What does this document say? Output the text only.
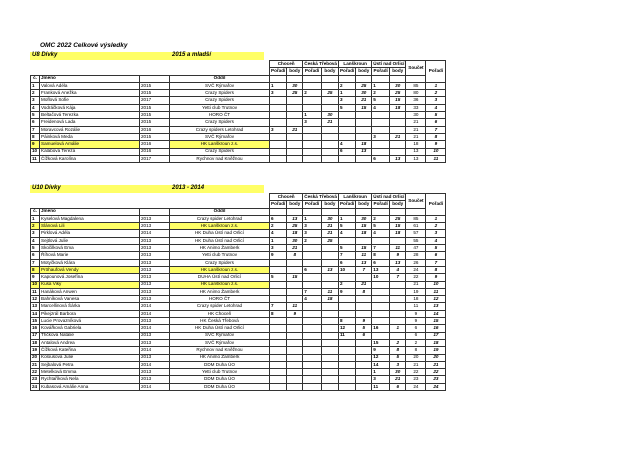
OMC 2022 Celkové výsledky
U8 Dívky	2015 a mladší
				Choceň		Česká Třebová		Lanškroun		Ústí nad Orlicí		Součet	Pořadí
				Pořadí	body	Pořadí	body	Pořadí	body	Pořadí	body		
č.	Jméno		Oddíl										
1	Valová Adéla	2015	SVČ Rýmařov	1	30			2	25	1	30	85	1
2	Franková Anežka	2015	Crazy Spiders	3	25	2	25	1	30	2	25	80	2
3	Moflová Sofie	2017	Crazy Spiders					3	21	5	15	36	3
4	Vodráčková Kája	2015	Yetti club Trutnov					5	15	4	18	33	4
5	Beltačová Terezka	2015	HORO ČT			1	30					30	5
6	Freidenová Lada	2015	Crazy Spiders			3	21					21	6
7	Moravcová Rozálie	2016	Crazy spiders Letohrad	3	21							21	7
8	Páinková Meda	2015	SVČ Rýmařov							3	21	21	8
9	Samuelová Amálie	2016	HK Lanškroun z.s.					4	18			18	9
10	Kalábová Tereza	2016	Crazy Spiders					6	13			13	10
11	Čížková Karolína	2017	Rychnov nad Kněžnou							6	13	13	11
U10 Dívky	2013 - 2014
				Choceň		Česká Třebová		Lanškroun		Ústí nad Orlicí		Součet	Pořadí
				Pořadí	body	Pořadí	body	Pořadí	body	Pořadí	body		
č.	Jméno		Oddíl										
1	Kyselová Magdalena	2013	Crazy spider Letohrad	6	13	1	30	1	30	2	25	85	1
2	Slánová Lili	2013	HK Lanškroun z.s.	2	25	3	21	5	15	5	15	61	2
3	Pirklová Adéla	2014	HK Duha Ústí nad Orlicí	4	18	3	21	4	18	4	18	57	3
4	Sejtlová Julie	2013	HK Duha Ústí nad Orlicí	1	30	2	25					55	4
5	Skočilková Ema	2013	HK Animo Žamberk	3	21			5	15	7	11	47	5
6	Říhová Marie	2013	Yetti club Trutnov	9	8			7	11	8	9	28	6
7	Motyčková Klára	2013	Crazy Spiders					6	13	6	13	26	7
8	Pröhaufová Vendy	2013	HK Lanškroun z.s.			6	13	10	7	13	4	24	8
9	Kapounová Josefína	2013	DUHA Ústí nad Orlicí	5	15					10	7	22	9
10	Kusá Viky	2013	HK Lanškroun z.s.					2	21			21	10
11	Hanáková Anwen	2013	HK Animo Žamberk			7	11	9	8			19	11
12	Bahníková Vanesa	2013	HORO ČT			4	18					18	12
13	Marcellinová Šárka	2014	Crazy spider Letohrad	7	11							11	13
14	Pikejzrál Barbora	2014	HK Choceň	8	9							9	14
15	Lucie Provazníková	2013	HK Česká Třebová					8	9			9	15
16	Kovářková Gabriela	2014	HK Duha Ústí nad Orlicí					12	5	16	1	6	16
17	Třičková Natálie	2013	SVČ Rýmařov					11	6			6	17
18	Antalová Andrea	2013	SVČ Rýmařov							15	2	2	18
19	Čížková Kateřina	2014	Rychnov nad Kněžnou							9	8	8	19
20	Kolousová Julie	2013	HK Animo Žamberk							12	5	20	20
21	Sejbalová Petra	2014	DDM Duha ÚO							14	3	21	21
22	Metelková Emma	2013	Yetti club Trutnov							1	30	22	22
23	Rychtaříková Nela	2013	DDM Duha ÚO							3	21	23	23
24	Kubasová Amálie Anna	2014	DDM Duha ÚO							11	6	24	24
